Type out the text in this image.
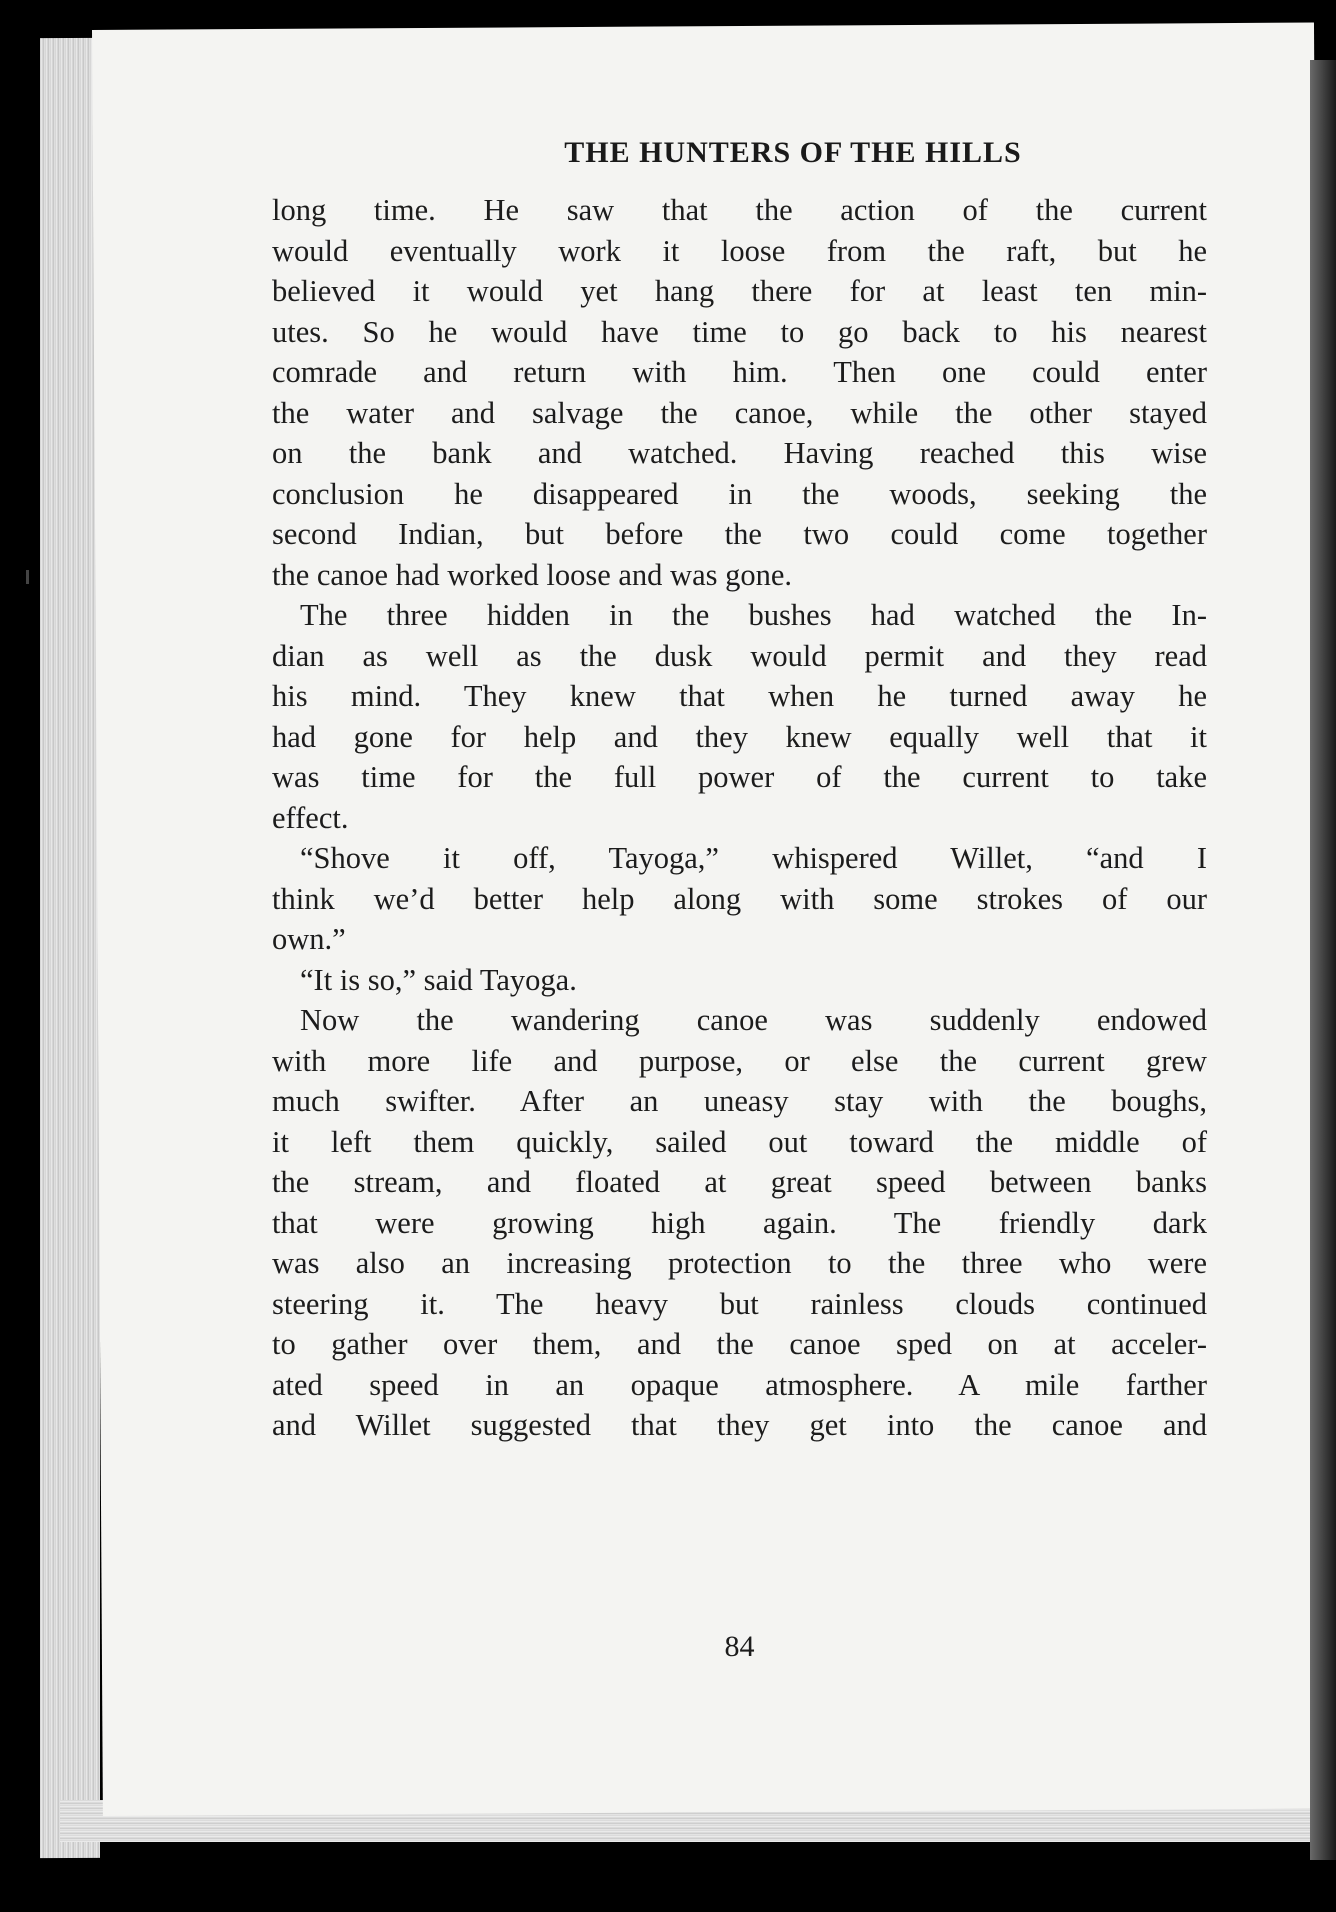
THE HUNTERS OF THE HILLS

long time. He saw that the action of the current

would eventually work it loose from the raft, but he

believed it would yet hang there for at least ten min-

utes. So he would have time to go back to his nearest

comrade and return with him. Then one could enter

the water and salvage the canoe, while the other stayed

on the bank and watched. Having reached this wise

conclusion he disappeared in the woods, seeking the

second Indian, but before the two could come together

the canoe had worked loose and was gone.

The three hidden in the bushes had watched the In-

dian as well as the dusk would permit and they read

his mind. They knew that when he turned away he

had gone for help and they knew equally well that it

was time for the full power of the current to take

effect.

“Shove it off, Tayoga,” whispered Willet, “and I

think we’d better help along with some strokes of our

own.”

“It is so,” said Tayoga.

Now the wandering canoe was suddenly endowed

with more life and purpose, or else the current grew

much swifter. After an uneasy stay with the boughs,

it left them quickly, sailed out toward the middle of

the stream, and floated at great speed between banks

that were growing high again. The friendly dark

was also an increasing protection to the three who were

steering it. The heavy but rainless clouds continued

to gather over them, and the canoe sped on at acceler-

ated speed in an opaque atmosphere. A mile farther

and Willet suggested that they get into the canoe and

84
